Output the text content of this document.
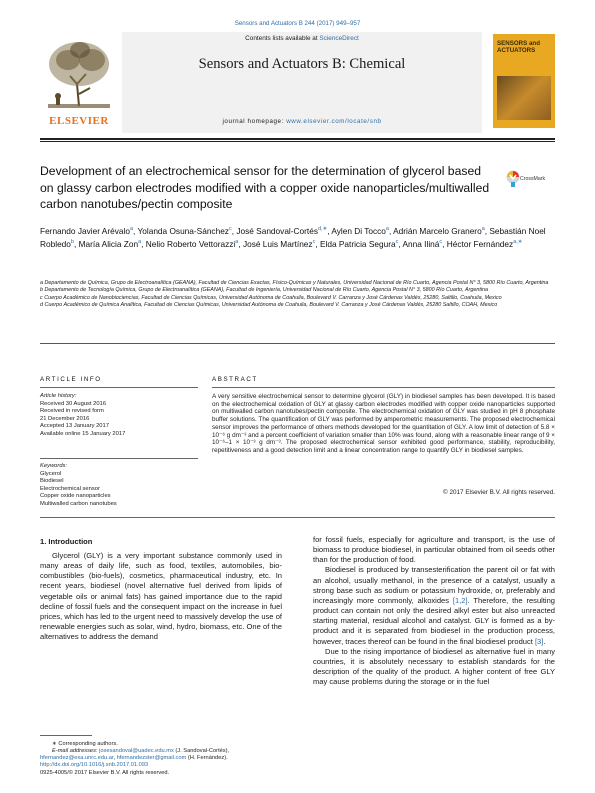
Sensors and Actuators B 244 (2017) 949–957
ELSEVIER
Contents lists available at ScienceDirect
Sensors and Actuators B: Chemical
journal homepage: www.elsevier.com/locate/snb
SENSORS and ACTUATORS
Development of an electrochemical sensor for the determination of glycerol based on glassy carbon electrodes modified with a copper oxide nanoparticles/multiwalled carbon nanotubes/pectin composite
CrossMark
Fernando Javier Arévalo$^a$, Yolanda Osuna-Sánchez$^c$, José Sandoval-Cortés$^{d,∗}$, Aylen Di Tocco$^a$, Adrián Marcelo Granero$^a$, Sebastián Noel Robledo$^b$, María Alicia Zon$^a$, Nelio Roberto Vettorazzi$^a$, José Luis Martínez$^c$, Elda Patricia Segura$^c$, Anna Iliná$^c$, Héctor Fernández$^{a,∗}$
a Departamento de Química, Grupo de Electroanalítica (GEANA), Facultad de Ciencias Exactas, Físico-Químicas y Naturales, Universidad Nacional de Río Cuarto, Agencia Postal N° 3, 5800 Río Cuarto, Argentina
b Departamento de Tecnología Química, Grupo de Electroanalítica (GEANA), Facultad de Ingeniería, Universidad Nacional de Río Cuarto, Agencia Postal N° 3, 5800 Río Cuarto, Argentina
c Cuerpo Académico de Nanobiociencias, Facultad de Ciencias Químicas, Universidad Autónoma de Coahuila, Boulevard V. Carranza y José Cárdenas Valdés, 25280, Saltillo, Coahuila, Mexico
d Cuerpo Académico de Química Analítica, Facultad de Ciencias Químicas, Universidad Autónoma de Coahuila, Boulevard V. Carranza y José Cárdenas Valdés, 25280 Saltillo, COAH, Mexico
ARTICLE INFO	ABSTRACT
Article history:
Received 30 August 2016
Received in revised form
21 December 2016
Accepted 13 January 2017
Available online 15 January 2017
Keywords:
Glycerol
Biodiesel
Electrochemical sensor
Copper oxide nanoparticles
Multiwalled carbon nanotubes
A very sensitive electrochemical sensor to determine glycerol (GLY) in biodiesel samples has been developed. It is based on the electrochemical oxidation of GLY at glassy carbon electrodes modified with copper oxide nanoparticles supported on multiwalled carbon nanotubes/pectin composite. The electrochemical oxidation of GLY was studied in pH 8 phosphate buffer solutions. The quantification of GLY was performed by amperometric measurements. The proposed electrochemical sensor improves the performance of others methods developed for the quantitation of GLY. A low limit of detection of 5.8 × 10⁻⁶ g dm⁻³ and a percent coefficient of variation smaller than 10% was found, along with a reasonable linear range of 9 × 10⁻⁶–1 × 10⁻³ g dm⁻³. The proposed electrochemical sensor exhibited good performance, stability, reproducibility, repetitiveness and a good detection limit and a linear concentration range to quantify GLY in biodiesel samples.
© 2017 Elsevier B.V. All rights reserved.
1. Introduction

Glycerol (GLY) is a very important substance commonly used in many areas of daily life, such as food, textiles, automobiles, bio-combustibles (bio-fuels), cosmetics, pharmaceutical industry, etc. In recent years, biodiesel (novel alternative fuel derived from lipids of vegetable oils or animal fats) has gained importance due to the rapid decline of fossil fuels and the consequent impact on the increase in fuel prices, which has led to the urgent need to massively develop the use of renewable energies such as solar, wind, hydro, biomass, etc. One of the alternatives to address the demand

for fossil fuels, especially for agriculture and transport, is the use of biomass to produce biodiesel, in particular obtained from oil seeds other than for the production of food.

Biodiesel is produced by transesterification the parent oil or fat with an alcohol, usually methanol, in the presence of a catalyst, usually a strong base such as sodium or potassium hydroxide, or, preferably and increasingly more commonly, alkoxides [1,2]. Therefore, the resulting product can contain not only the desired alkyl ester but also unreacted starting material, residual alcohol and catalyst. GLY is formed as a by-product and it is separated from biodiesel in the production process, however, traces thereof can be found in the final biodiesel product [3].

Due to the rising importance of biodiesel as alternative fuel in many countries, it is absolutely necessary to establish standards for the description of the quality of the product. A higher content of free GLY may cause problems during the storage or in the fuel

∗ Corresponding authors.
E-mail addresses: josesandoval@uadec.edu.mx (J. Sandoval-Cortés),
hfernandez@exa.unrc.edu.ar, hfernandezster@gmail.com (H. Fernández).
http://dx.doi.org/10.1016/j.snb.2017.01.093
0925-4005/© 2017 Elsevier B.V. All rights reserved.
